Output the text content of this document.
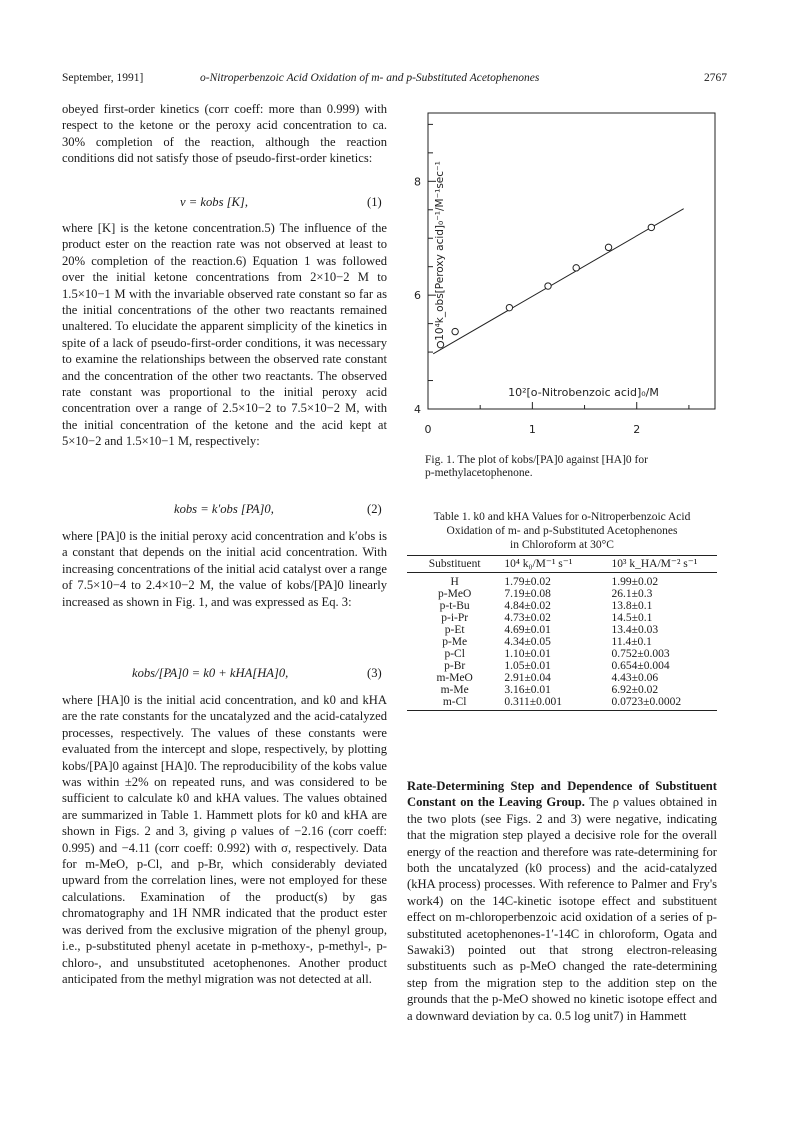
September, 1991]	o-Nitroperbenzoic Acid Oxidation of m- and p-Substituted Acetophenones	2767

obeyed first-order kinetics (corr coeff: more than 0.999) with respect to the ketone or the peroxy acid concentration to ca. 30% completion of the reaction, although the reaction conditions did not satisfy those of pseudo-first-order kinetics:

v = kobs [K],	(1)

where [K] is the ketone concentration.5) The influence of the product ester on the reaction rate was not observed at least to 20% completion of the reaction.6) Equation 1 was followed over the initial ketone concentrations from 2×10−2 M to 1.5×10−1 M with the invariable observed rate constant so far as the initial concentrations of the other two reactants remained unaltered. To elucidate the apparent simplicity of the kinetics in spite of a lack of pseudo-first-order conditions, it was necessary to examine the relationships between the observed rate constant and the concentration of the other two reactants. The observed rate constant was proportional to the initial peroxy acid concentration over a range of 2.5×10−2 to 7.5×10−2 M, with the initial concentration of the ketone and the acid kept at 5×10−2 and 1.5×10−1 M, respectively:

kobs = k′obs [PA]0,	(2)

where [PA]0 is the initial peroxy acid concentration and k′obs is a constant that depends on the initial acid concentration. With increasing concentrations of the initial acid catalyst over a range of 7.5×10−4 to 2.4×10−2 M, the value of kobs/[PA]0 linearly increased as shown in Fig. 1, and was expressed as Eq. 3:

kobs/[PA]0 = k0 + kHA[HA]0,	(3)

where [HA]0 is the initial acid concentration, and k0 and kHA are the rate constants for the uncatalyzed and the acid-catalyzed processes, respectively. The values of these constants were evaluated from the intercept and slope, respectively, by plotting kobs/[PA]0 against [HA]0. The reproducibility of the kobs value was within ±2% on repeated runs, and was considered to be sufficient to calculate k0 and kHA values. The values obtained are summarized in Table 1. Hammett plots for k0 and kHA are shown in Figs. 2 and 3, giving ρ values of −2.16 (corr coeff: 0.995) and −4.11 (corr coeff: 0.992) with σ, respectively. Data for m-MeO, p-Cl, and p-Br, which considerably deviated upward from the correlation lines, were not employed for these calculations. Examination of the product(s) by gas chromatography and 1H NMR indicated that the product ester was derived from the exclusive migration of the phenyl group, i.e., p-substituted phenyl acetate in p-methoxy-, p-methyl-, p-chloro-, and unsubstituted acetophenones. Another product anticipated from the methyl migration was not detected at all.

4
6
8
0	1	2
10²[o-Nitrobenzoic acid]₀/M
10⁴k_obs[Peroxy acid]₀⁻¹/M⁻¹sec⁻¹
Fig. 1. The plot of kobs/[PA]0 against [HA]0 for
p-methylacetophenone.
Table 1. k0 and kHA Values for o-Nitroperbenzoic Acid
Oxidation of m- and p-Substituted Acetophenones
in Chloroform at 30°C
Substituent	10⁴ k₀/M⁻¹ s⁻¹	10³ k_HA/M⁻² s⁻¹
H	1.79±0.02	1.99±0.02
p-MeO	7.19±0.08	26.1±0.3
p-t-Bu	4.84±0.02	13.8±0.1
p-i-Pr	4.73±0.02	14.5±0.1
p-Et	4.69±0.01	13.4±0.03
p-Me	4.34±0.05	11.4±0.1
p-Cl	1.10±0.01	0.752±0.003
p-Br	1.05±0.01	0.654±0.004
m-MeO	2.91±0.04	4.43±0.06
m-Me	3.16±0.01	6.92±0.02
m-Cl	0.311±0.001	0.0723±0.0002

Rate-Determining Step and Dependence of Substituent Constant on the Leaving Group. The ρ values obtained in the two plots (see Figs. 2 and 3) were negative, indicating that the migration step played a decisive role for the overall energy of the reaction and therefore was rate-determining for both the uncatalyzed (k0 process) and the acid-catalyzed (kHA process) processes. With reference to Palmer and Fry's work4) on the 14C-kinetic isotope effect and substituent effect on m-chloroperbenzoic acid oxidation of a series of p-substituted acetophenones-1′-14C in chloroform, Ogata and Sawaki3) pointed out that strong electron-releasing substituents such as p-MeO changed the rate-determining step from the migration step to the addition step on the grounds that the p-MeO showed no kinetic isotope effect and a downward deviation by ca. 0.5 log unit7) in Hammett
